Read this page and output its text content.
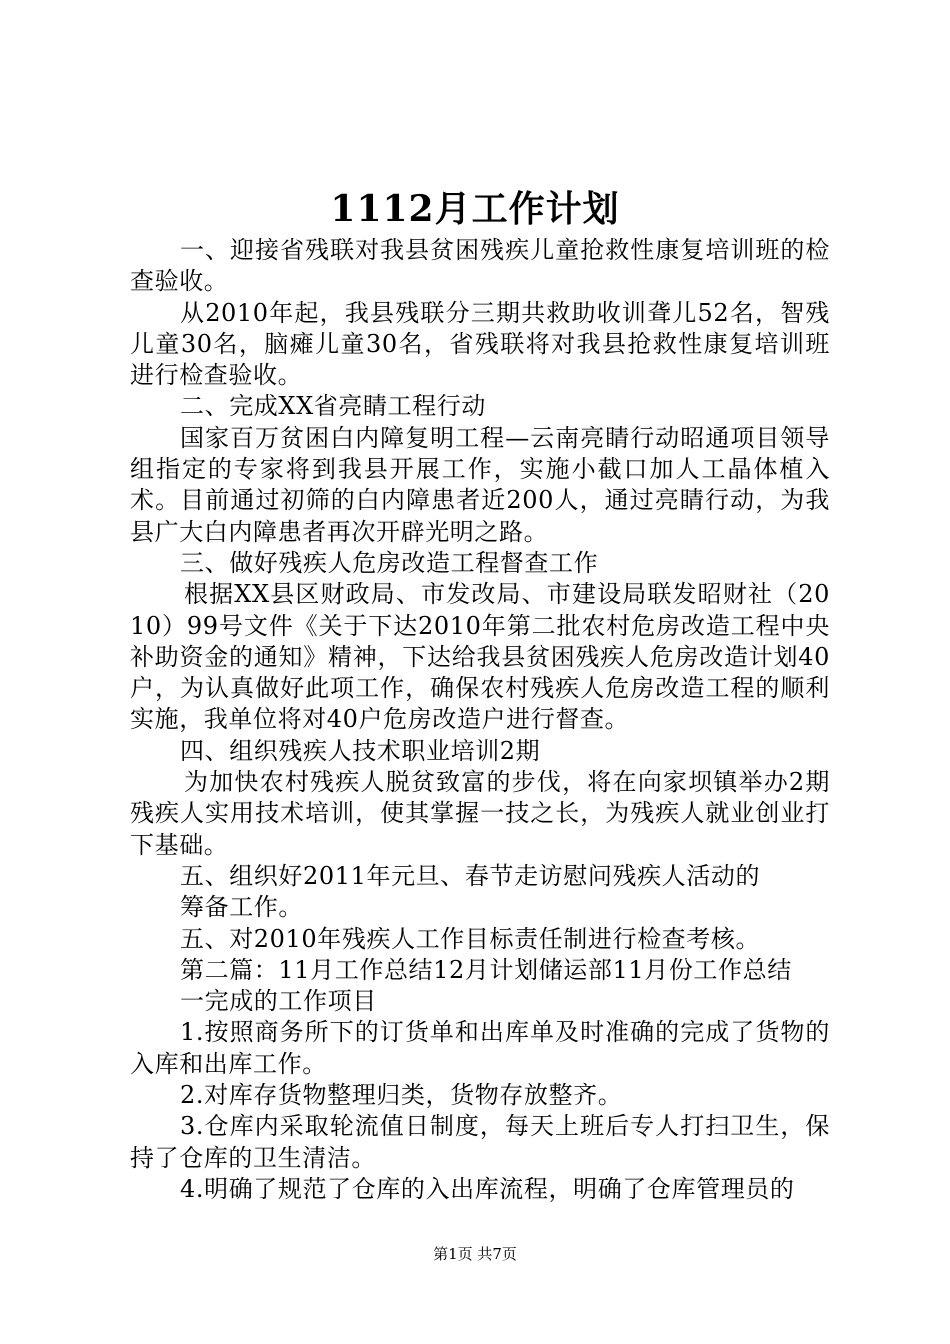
1112月工作计划

一、迎接省残联对我县贫困残疾儿童抢救性康复培训班的检查验收。

从2010年起，我县残联分三期共救助收训聋儿52名，智残儿童30名，脑瘫儿童30名，省残联将对我县抢救性康复培训班进行检查验收。

二、完成XX省亮睛工程行动

国家百万贫困白内障复明工程—云南亮睛行动昭通项目领导组指定的专家将到我县开展工作，实施小截口加人工晶体植入术。目前通过初筛的白内障患者近200人，通过亮睛行动，为我县广大白内障患者再次开辟光明之路。

三、做好残疾人危房改造工程督查工作

根据XX县区财政局、市发改局、市建设局联发昭财社（2010）99号文件《关于下达2010年第二批农村危房改造工程中央补助资金的通知》精神，下达给我县贫困残疾人危房改造计划40户，为认真做好此项工作，确保农村残疾人危房改造工程的顺利实施，我单位将对40户危房改造户进行督查。

四、组织残疾人技术职业培训2期

为加快农村残疾人脱贫致富的步伐，将在向家坝镇举办2期残疾人实用技术培训，使其掌握一技之长，为残疾人就业创业打下基础。

五、组织好2011年元旦、春节走访慰问残疾人活动的

筹备工作。

五、对2010年残疾人工作目标责任制进行检查考核。

第二篇：11月工作总结12月计划储运部11月份工作总结

一完成的工作项目

1.按照商务所下的订货单和出库单及时准确的完成了货物的入库和出库工作。

2.对库存货物整理归类，货物存放整齐。

3.仓库内采取轮流值日制度，每天上班后专人打扫卫生，保持了仓库的卫生清洁。

4.明确了规范了仓库的入出库流程，明确了仓库管理员的

第1页 共7页
